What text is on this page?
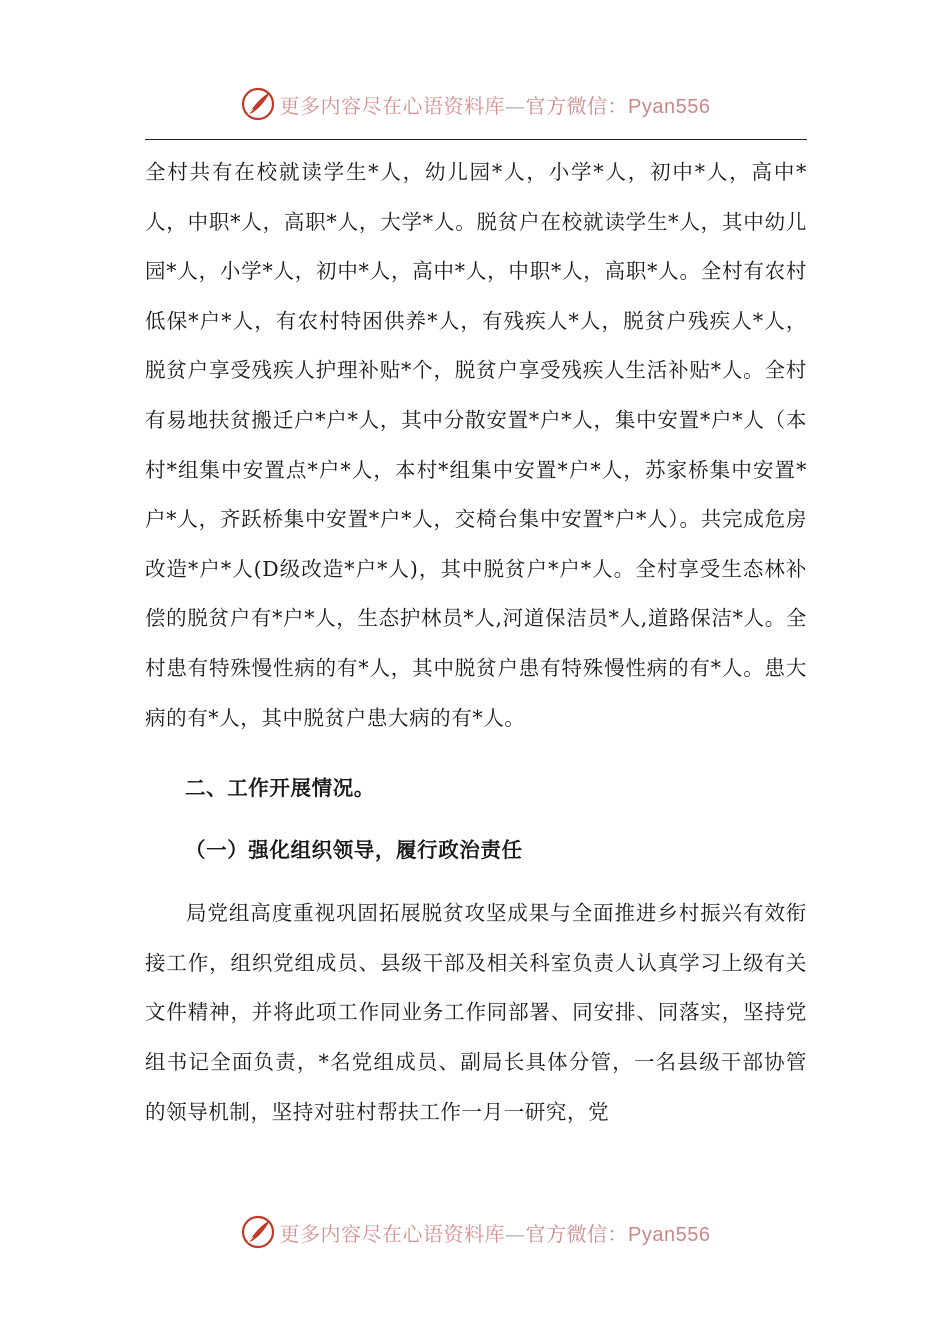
更多内容尽在心语资料库—官方微信：Pyan556

全村共有在校就读学生*人，幼儿园*人，小学*人，初中*人，高中*人，中职*人，高职*人，大学*人。脱贫户在校就读学生*人，其中幼儿园*人，小学*人，初中*人，高中*人，中职*人，高职*人。全村有农村低保*户*人，有农村特困供养*人，有残疾人*人，脱贫户残疾人*人，脱贫户享受残疾人护理补贴*个，脱贫户享受残疾人生活补贴*人。全村有易地扶贫搬迁户*户*人，其中分散安置*户*人，集中安置*户*人（本村*组集中安置点*户*人，本村*组集中安置*户*人，苏家桥集中安置*户*人，齐跃桥集中安置*户*人，交椅台集中安置*户*人）。共完成危房改造*户*人(D级改造*户*人)，其中脱贫户*户*人。全村享受生态林补偿的脱贫户有*户*人，生态护林员*人,河道保洁员*人,道路保洁*人。全村患有特殊慢性病的有*人，其中脱贫户患有特殊慢性病的有*人。患大病的有*人，其中脱贫户患大病的有*人。

二、工作开展情况。

（一）强化组织领导，履行政治责任

局党组高度重视巩固拓展脱贫攻坚成果与全面推进乡村振兴有效衔接工作，组织党组成员、县级干部及相关科室负责人认真学习上级有关文件精神，并将此项工作同业务工作同部署、同安排、同落实，坚持党组书记全面负责，*名党组成员、副局长具体分管，一名县级干部协管的领导机制，坚持对驻村帮扶工作一月一研究，党

更多内容尽在心语资料库—官方微信：Pyan556
